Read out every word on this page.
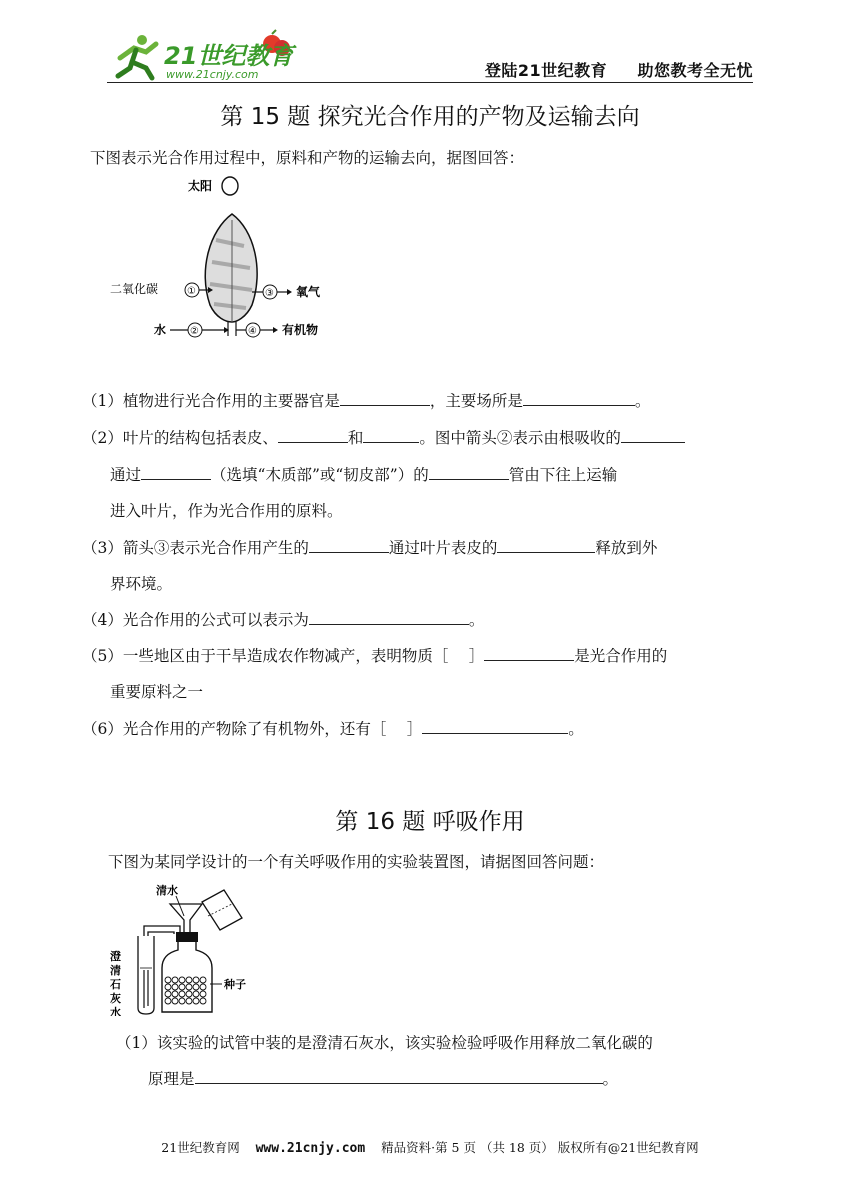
21世纪教育
www.21cnjy.com	登陆21世纪教育 助您教考全无忧
第 15 题 探究光合作用的产物及运输去向
下图表示光合作用过程中，原料和产物的运输去向，据图回答：
太阳
二氧化碳	①	③ 氧气
水 ②	④ 有机物
（1）植物进行光合作用的主要器官是	，主要场所是	。
（2）叶片的结构包括表皮、	和	。图中箭头②表示由根吸收的
通过	（选填“木质部”或“韧皮部”）的	管由下往上运输
进入叶片，作为光合作用的原料。
（3）箭头③表示光合作用产生的	通过叶片表皮的	释放到外
界环境。
（4）光合作用的公式可以表示为	。
（5）一些地区由于干旱造成农作物减产，表明物质［　 ］	是光合作用的
重要原料之一
（6）光合作用的产物除了有机物外，还有［　 ］	。
第 16 题 呼吸作用
下图为某同学设计的一个有关呼吸作用的实验装置图，请据图回答问题：
清水
种子
澄
清
石
灰
水
（1）该实验的试管中装的是澄清石灰水，该实验检验呼吸作用释放二氧化碳的
原理是	。
21世纪教育网 www.21cnjy.com 精品资料·第 5 页 （共 18 页） 版权所有@21世纪教育网
